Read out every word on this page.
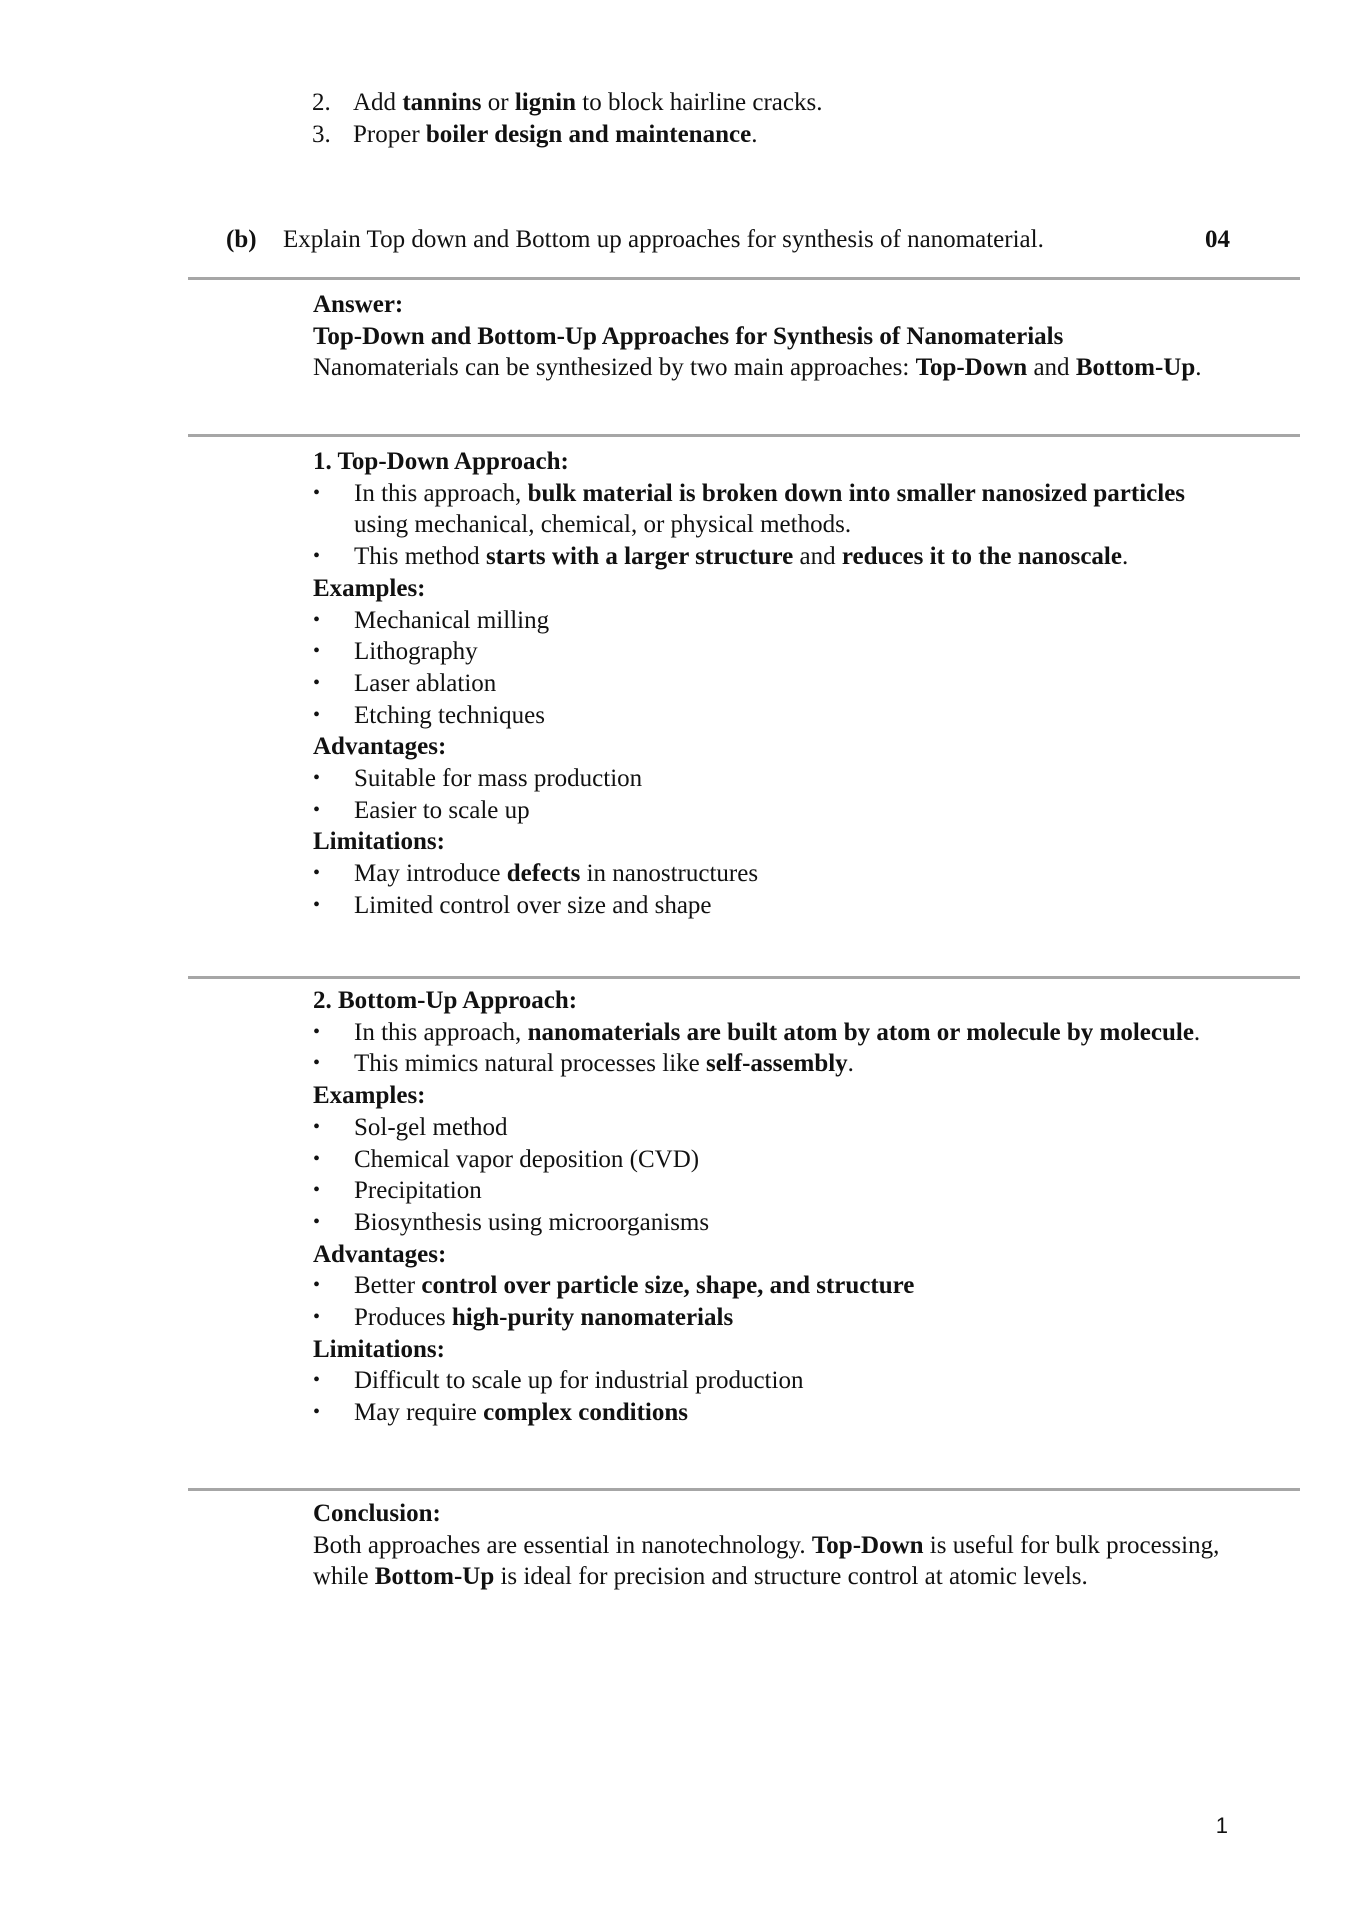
2. Add tannins or lignin to block hairline cracks.
3. Proper boiler design and maintenance.
(b) Explain Top down and Bottom up approaches for synthesis of nanomaterial.	04
Answer:
Top-Down and Bottom-Up Approaches for Synthesis of Nanomaterials
Nanomaterials can be synthesized by two main approaches: Top-Down and Bottom-Up.
1. Top-Down Approach:
• In this approach, bulk material is broken down into smaller nanosized particles using mechanical, chemical, or physical methods.
• This method starts with a larger structure and reduces it to the nanoscale.
Examples:
• Mechanical milling
• Lithography
• Laser ablation
• Etching techniques
Advantages:
• Suitable for mass production
• Easier to scale up
Limitations:
• May introduce defects in nanostructures
• Limited control over size and shape
2. Bottom-Up Approach:
• In this approach, nanomaterials are built atom by atom or molecule by molecule.
• This mimics natural processes like self-assembly.
Examples:
• Sol-gel method
• Chemical vapor deposition (CVD)
• Precipitation
• Biosynthesis using microorganisms
Advantages:
• Better control over particle size, shape, and structure
• Produces high-purity nanomaterials
Limitations:
• Difficult to scale up for industrial production
• May require complex conditions
Conclusion:
Both approaches are essential in nanotechnology. Top-Down is useful for bulk processing, while Bottom-Up is ideal for precision and structure control at atomic levels.
1
